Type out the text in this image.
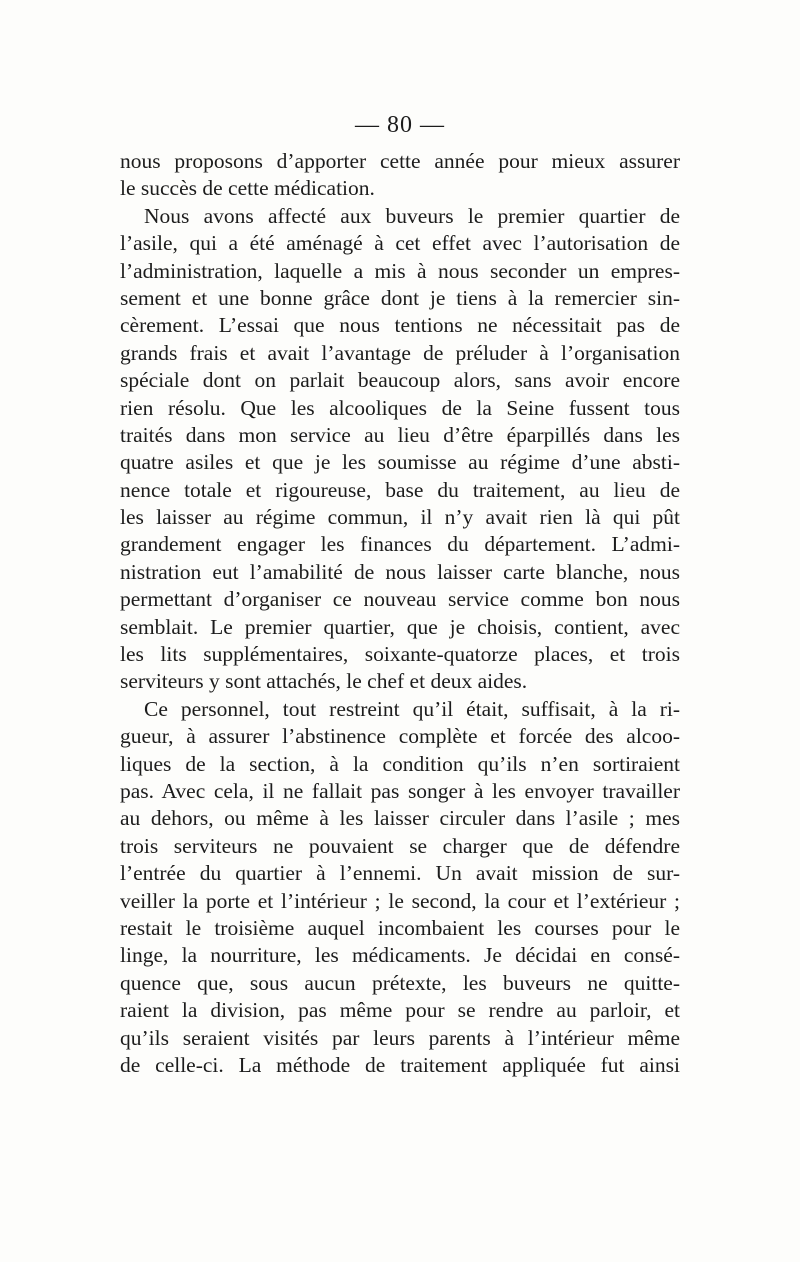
— 80 —
nous proposons d’apporter cette année pour mieux assurer
le succès de cette médication.
Nous avons affecté aux buveurs le premier quartier de
l’asile, qui a été aménagé à cet effet avec l’autorisation de
l’administration, laquelle a mis à nous seconder un empres-
sement et une bonne grâce dont je tiens à la remercier sin-
cèrement. L’essai que nous tentions ne nécessitait pas de
grands frais et avait l’avantage de préluder à l’organisation
spéciale dont on parlait beaucoup alors, sans avoir encore
rien résolu. Que les alcooliques de la Seine fussent tous
traités dans mon service au lieu d’être éparpillés dans les
quatre asiles et que je les soumisse au régime d’une absti-
nence totale et rigoureuse, base du traitement, au lieu de
les laisser au régime commun, il n’y avait rien là qui pût
grandement engager les finances du département. L’admi-
nistration eut l’amabilité de nous laisser carte blanche, nous
permettant d’organiser ce nouveau service comme bon nous
semblait. Le premier quartier, que je choisis, contient, avec
les lits supplémentaires, soixante-quatorze places, et trois
serviteurs y sont attachés, le chef et deux aides.
Ce personnel, tout restreint qu’il était, suffisait, à la ri-
gueur, à assurer l’abstinence complète et forcée des alcoo-
liques de la section, à la condition qu’ils n’en sortiraient
pas. Avec cela, il ne fallait pas songer à les envoyer travailler
au dehors, ou même à les laisser circuler dans l’asile ; mes
trois serviteurs ne pouvaient se charger que de défendre
l’entrée du quartier à l’ennemi. Un avait mission de sur-
veiller la porte et l’intérieur ; le second, la cour et l’extérieur ;
restait le troisième auquel incombaient les courses pour le
linge, la nourriture, les médicaments. Je décidai en consé-
quence que, sous aucun prétexte, les buveurs ne quitte-
raient la division, pas même pour se rendre au parloir, et
qu’ils seraient visités par leurs parents à l’intérieur même
de celle-ci. La méthode de traitement appliquée fut ainsi
